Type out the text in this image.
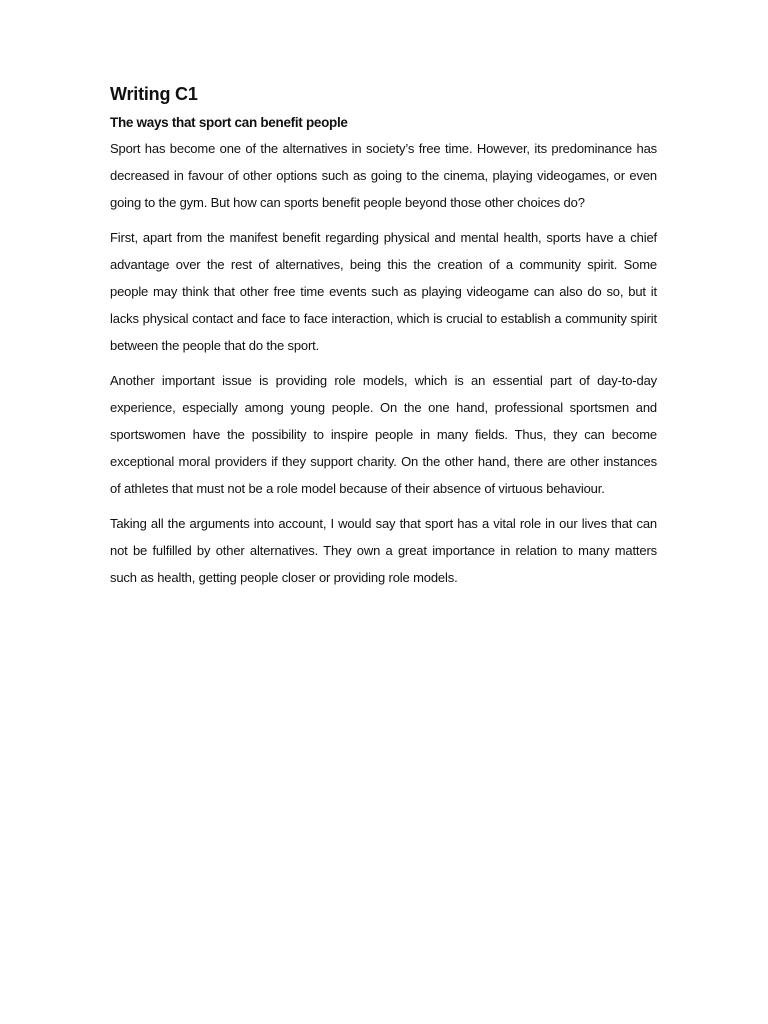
Writing C1
The ways that sport can benefit people

Sport has become one of the alternatives in society’s free time. However, its predominance has decreased in favour of other options such as going to the cinema, playing videogames, or even going to the gym. But how can sports benefit people beyond those other choices do?

First, apart from the manifest benefit regarding physical and mental health, sports have a chief advantage over the rest of alternatives, being this the creation of a community spirit. Some people may think that other free time events such as playing videogame can also do so, but it lacks physical contact and face to face interaction, which is crucial to establish a community spirit between the people that do the sport.

Another important issue is providing role models, which is an essential part of day-to-day experience, especially among young people. On the one hand, professional sportsmen and sportswomen have the possibility to inspire people in many fields. Thus, they can become exceptional moral providers if they support charity. On the other hand, there are other instances of athletes that must not be a role model because of their absence of virtuous behaviour.

Taking all the arguments into account, I would say that sport has a vital role in our lives that can not be fulfilled by other alternatives. They own a great importance in relation to many matters such as health, getting people closer or providing role models.
